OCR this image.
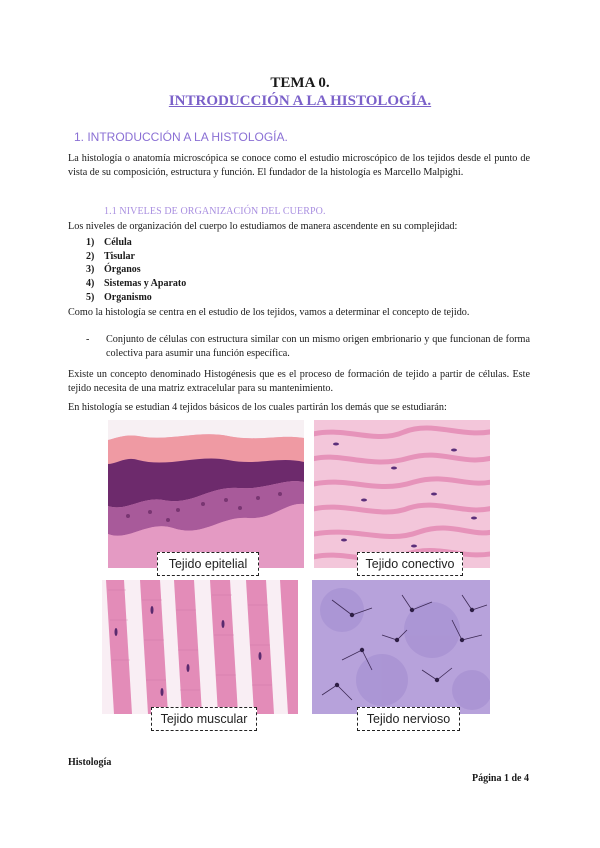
TEMA 0.
INTRODUCCIÓN A LA HISTOLOGÍA.
1. INTRODUCCIÓN A LA HISTOLOGÍA.
La histología o anatomía microscópica se conoce como el estudio microscópico de los tejidos desde el punto de vista de su composición, estructura y función. El fundador de la histología es Marcello Malpighi.
1.1 NIVELES DE ORGANIZACIÓN DEL CUERPO.
Los niveles de organización del cuerpo lo estudiamos de manera ascendente en su complejidad:
1) Célula
2) Tisular
3) Órganos
4) Sistemas y Aparato
5) Organismo
Como la histología se centra en el estudio de los tejidos, vamos a determinar el concepto de tejido.
- Conjunto de células con estructura similar con un mismo origen embrionario y que funcionan de forma colectiva para asumir una función específica.
Existe un concepto denominado Histogénesis que es el proceso de formación de tejido a partir de células. Este tejido necesita de una matriz extracelular para su mantenimiento.
En histología se estudian 4 tejidos básicos de los cuales partirán los demás que se estudiarán:
Tejido epitelial	Tejido conectivo
Tejido muscular	Tejido nervioso
Histología
Página 1 de 4
